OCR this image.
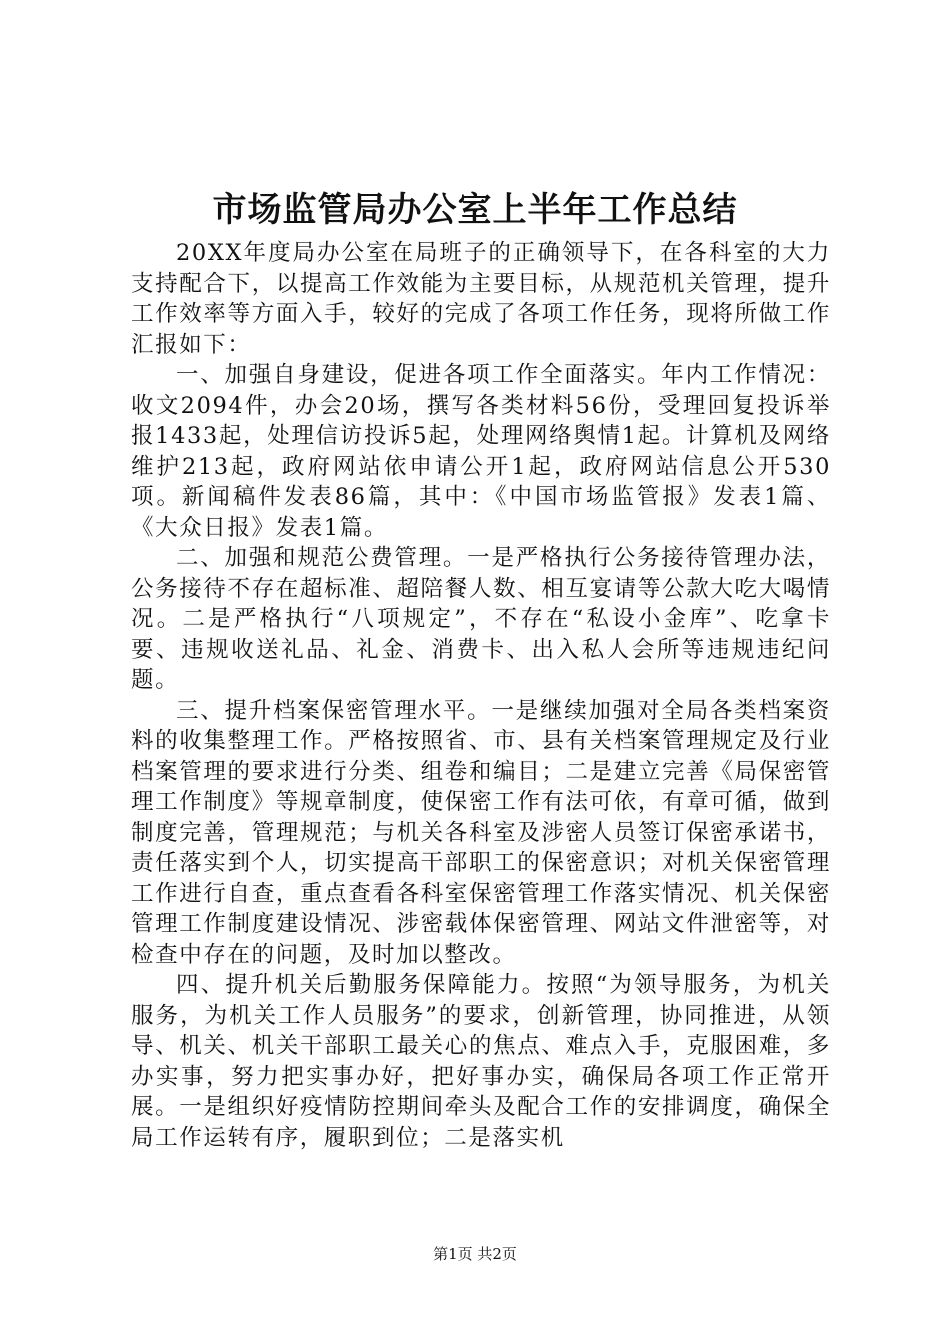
市场监管局办公室上半年工作总结

20XX年度局办公室在局班子的正确领导下，在各科室的大力支持配合下，以提高工作效能为主要目标，从规范机关管理，提升工作效率等方面入手，较好的完成了各项工作任务，现将所做工作汇报如下：

一、加强自身建设，促进各项工作全面落实。年内工作情况：收文2094件，办会20场，撰写各类材料56份，受理回复投诉举报1433起，处理信访投诉5起，处理网络舆情1起。计算机及网络维护213起，政府网站依申请公开1起，政府网站信息公开530项。新闻稿件发表86篇，其中：《中国市场监管报》发表1篇、《大众日报》发表1篇。

二、加强和规范公费管理。一是严格执行公务接待管理办法，公务接待不存在超标准、超陪餐人数、相互宴请等公款大吃大喝情况。二是严格执行“八项规定”，不存在“私设小金库”、吃拿卡要、违规收送礼品、礼金、消费卡、出入私人会所等违规违纪问题。

三、提升档案保密管理水平。一是继续加强对全局各类档案资料的收集整理工作。严格按照省、市、县有关档案管理规定及行业档案管理的要求进行分类、组卷和编目；二是建立完善《局保密管理工作制度》等规章制度，使保密工作有法可依，有章可循，做到制度完善，管理规范；与机关各科室及涉密人员签订保密承诺书，责任落实到个人，切实提高干部职工的保密意识；对机关保密管理工作进行自查，重点查看各科室保密管理工作落实情况、机关保密管理工作制度建设情况、涉密载体保密管理、网站文件泄密等，对检查中存在的问题，及时加以整改。

四、提升机关后勤服务保障能力。按照“为领导服务，为机关服务，为机关工作人员服务”的要求，创新管理，协同推进，从领导、机关、机关干部职工最关心的焦点、难点入手，克服困难，多办实事，努力把实事办好，把好事办实，确保局各项工作正常开展。一是组织好疫情防控期间牵头及配合工作的安排调度，确保全局工作运转有序，履职到位；二是落实机

第1页 共2页
